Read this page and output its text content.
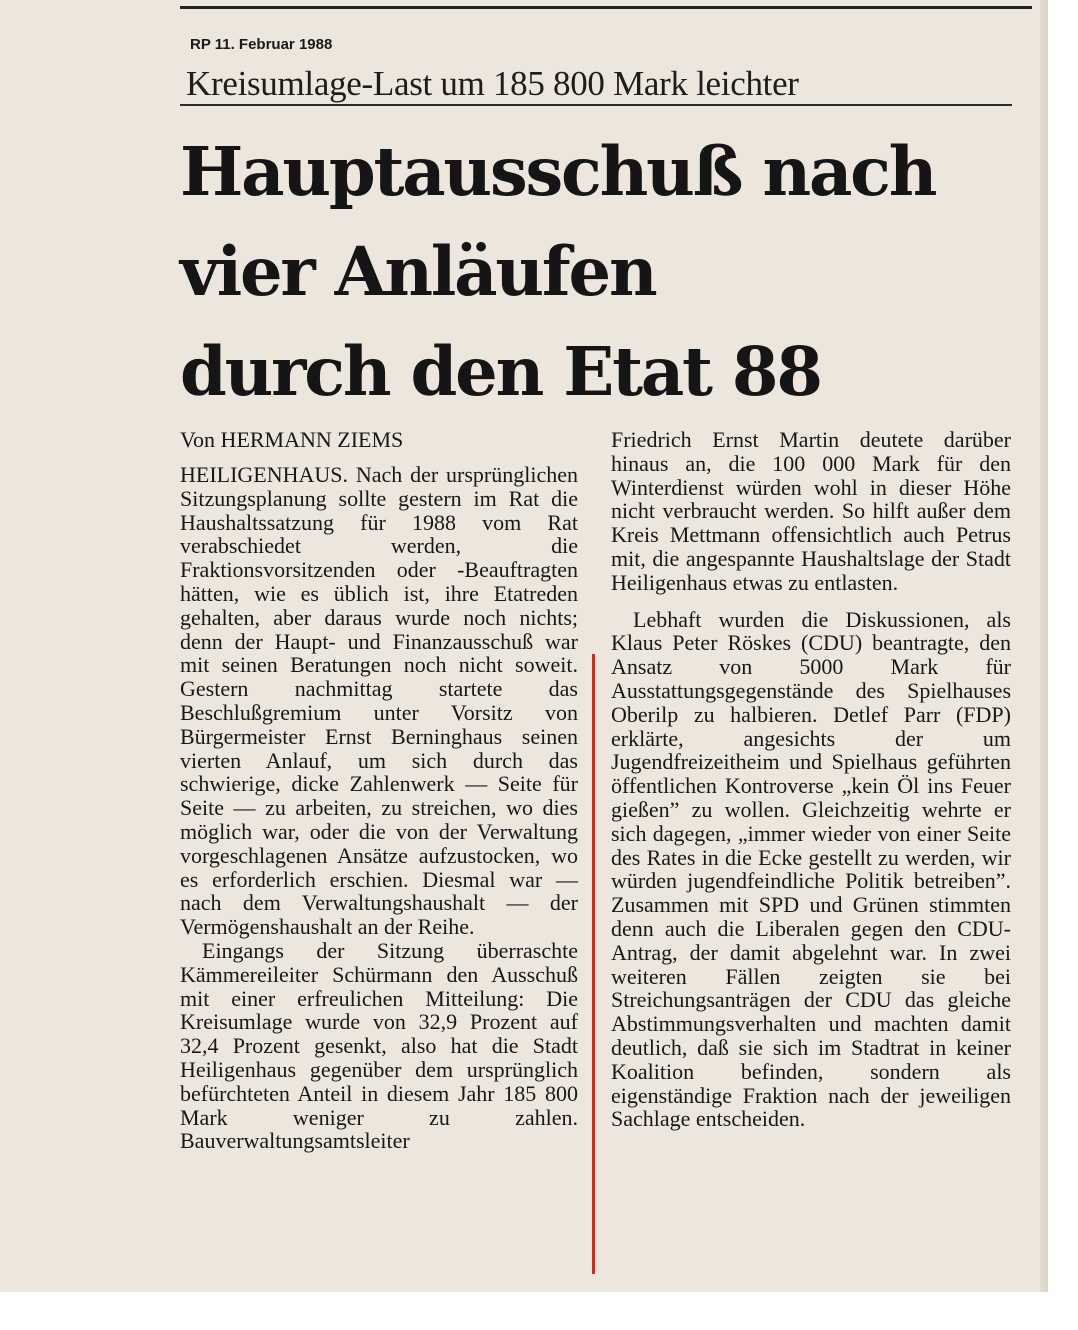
RP 11. Februar 1988
Kreisumlage-Last um 185 800 Mark leichter
Hauptausschuß nach
vier Anläufen
durch den Etat 88
Von HERMANN ZIEMS

HEILIGENHAUS. Nach der ursprünglichen Sitzungsplanung sollte gestern im Rat die Haushaltssatzung für 1988 vom Rat verabschiedet werden, die Fraktionsvorsitzenden oder -Beauftragten hätten, wie es üblich ist, ihre Etatreden gehalten, aber daraus wurde noch nichts; denn der Haupt- und Finanzausschuß war mit seinen Beratungen noch nicht soweit. Gestern nachmittag startete das Beschlußgremium unter Vorsitz von Bürgermeister Ernst Berninghaus seinen vierten Anlauf, um sich durch das schwierige, dicke Zahlenwerk — Seite für Seite — zu arbeiten, zu streichen, wo dies möglich war, oder die von der Verwaltung vorgeschlagenen Ansätze aufzustocken, wo es erforderlich erschien. Diesmal war — nach dem Verwaltungshaushalt — der Vermögenshaushalt an der Reihe.

Eingangs der Sitzung überraschte Kämmereileiter Schürmann den Ausschuß mit einer erfreulichen Mitteilung: Die Kreisumlage wurde von 32,9 Prozent auf 32,4 Prozent gesenkt, also hat die Stadt Heiligenhaus gegenüber dem ursprünglich befürchteten Anteil in diesem Jahr 185 800 Mark weniger zu zahlen. Bauverwaltungsamtsleiter

Friedrich Ernst Martin deutete darüber hinaus an, die 100 000 Mark für den Winterdienst würden wohl in dieser Höhe nicht verbraucht werden. So hilft außer dem Kreis Mettmann offensichtlich auch Petrus mit, die angespannte Haushaltslage der Stadt Heiligenhaus etwas zu entlasten.

Lebhaft wurden die Diskussionen, als Klaus Peter Röskes (CDU) beantragte, den Ansatz von 5000 Mark für Ausstattungsgegenstände des Spielhauses Oberilp zu halbieren. Detlef Parr (FDP) erklärte, angesichts der um Jugendfreizeitheim und Spielhaus geführten öffentlichen Kontroverse „kein Öl ins Feuer gießen” zu wollen. Gleichzeitig wehrte er sich dagegen, „immer wieder von einer Seite des Rates in die Ecke gestellt zu werden, wir würden jugendfeindliche Politik betreiben”. Zusammen mit SPD und Grünen stimmten denn auch die Liberalen gegen den CDU-Antrag, der damit abgelehnt war. In zwei weiteren Fällen zeigten sie bei Streichungsanträgen der CDU das gleiche Abstimmungsverhalten und machten damit deutlich, daß sie sich im Stadtrat in keiner Koalition befinden, sondern als eigenständige Fraktion nach der jeweiligen Sachlage entscheiden.
